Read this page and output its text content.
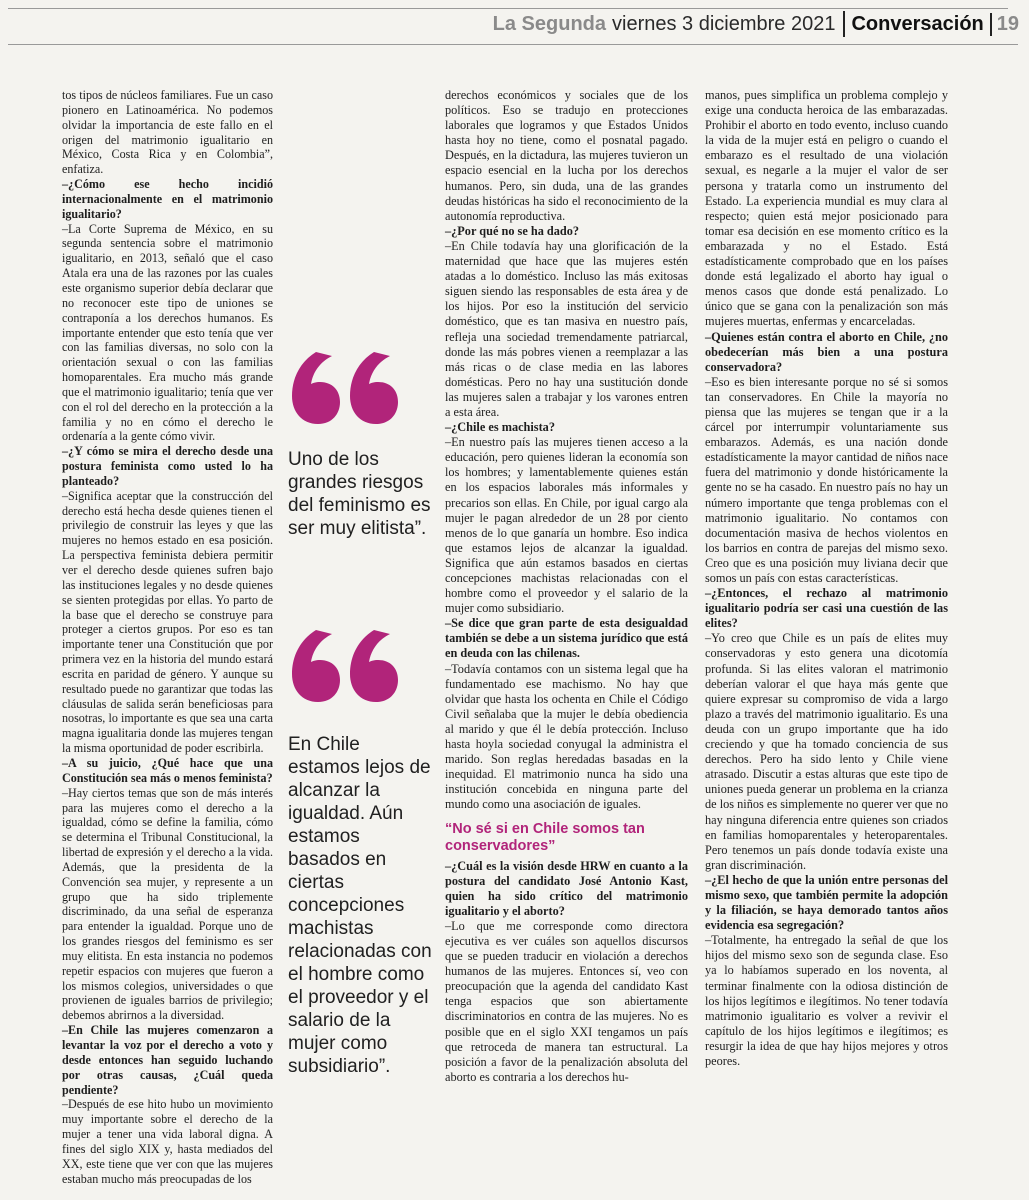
La Segunda viernes 3 diciembre 2021 Conversación 19

tos tipos de núcleos familiares. Fue un caso pionero en Latinoamérica. No podemos olvidar la importancia de este fallo en el origen del matrimonio igualitario en México, Costa Rica y en Colombia”, enfatiza.

–¿Cómo ese hecho incidió internacionalmente en el matrimonio igualitario?

–La Corte Suprema de México, en su segunda sentencia sobre el matrimonio igualitario, en 2013, señaló que el caso Atala era una de las razones por las cuales este organismo superior debía declarar que no reconocer este tipo de uniones se contraponía a los derechos humanos. Es importante entender que esto tenía que ver con las familias diversas, no solo con la orientación sexual o con las familias homoparentales. Era mucho más grande que el matrimonio igualitario; tenía que ver con el rol del derecho en la protección a la familia y no en cómo el derecho le ordenaría a la gente cómo vivir.

–¿Y cómo se mira el derecho desde una postura feminista como usted lo ha planteado?

–Significa aceptar que la construcción del derecho está hecha desde quienes tienen el privilegio de construir las leyes y que las mujeres no hemos estado en esa posición. La perspectiva feminista debiera permitir ver el derecho desde quienes sufren bajo las instituciones legales y no desde quienes se sienten protegidas por ellas. Yo parto de la base que el derecho se construye para proteger a ciertos grupos. Por eso es tan importante tener una Constitución que por primera vez en la historia del mundo estará escrita en paridad de género. Y aunque su resultado puede no garantizar que todas las cláusulas de salida serán beneficiosas para nosotras, lo importante es que sea una carta magna igualitaria donde las mujeres tengan la misma oportunidad de poder escribirla.

–A su juicio, ¿Qué hace que una Constitución sea más o menos feminista?

–Hay ciertos temas que son de más interés para las mujeres como el derecho a la igualdad, cómo se define la familia, cómo se determina el Tribunal Constitucional, la libertad de expresión y el derecho a la vida. Además, que la presidenta de la Convención sea mujer, y represente a un grupo que ha sido triplemente discriminado, da una señal de esperanza para entender la igualdad. Porque uno de los grandes riesgos del feminismo es ser muy elitista. En esta instancia no podemos repetir espacios con mujeres que fueron a los mismos colegios, universidades o que provienen de iguales barrios de privilegio; debemos abrirnos a la diversidad.

–En Chile las mujeres comenzaron a levantar la voz por el derecho a voto y desde entonces han seguido luchando por otras causas, ¿Cuál queda pendiente?

–Después de ese hito hubo un movimiento muy importante sobre el derecho de la mujer a tener una vida laboral digna. A fines del siglo XIX y, hasta mediados del XX, este tiene que ver con que las mujeres estaban mucho más preocupadas de los

Uno de los grandes riesgos del feminismo es ser muy elitista”.
En Chile estamos lejos de alcanzar la igualdad. Aún estamos basados en ciertas concepciones machistas relacionadas con el hombre como el proveedor y el salario de la mujer como subsidiario”.

derechos económicos y sociales que de los políticos. Eso se tradujo en protecciones laborales que logramos y que Estados Unidos hasta hoy no tiene, como el posnatal pagado. Después, en la dictadura, las mujeres tuvieron un espacio esencial en la lucha por los derechos humanos. Pero, sin duda, una de las grandes deudas históricas ha sido el reconocimiento de la autonomía reproductiva.

–¿Por qué no se ha dado?

–En Chile todavía hay una glorificación de la maternidad que hace que las mujeres estén atadas a lo doméstico. Incluso las más exitosas siguen siendo las responsables de esta área y de los hijos. Por eso la institución del servicio doméstico, que es tan masiva en nuestro país, refleja una sociedad tremendamente patriarcal, donde las más pobres vienen a reemplazar a las más ricas o de clase media en las labores domésticas. Pero no hay una sustitución donde las mujeres salen a trabajar y los varones entren a esta área.

–¿Chile es machista?

–En nuestro país las mujeres tienen acceso a la educación, pero quienes lideran la economía son los hombres; y lamentablemente quienes están en los espacios laborales más informales y precarios son ellas. En Chile, por igual cargo ala mujer le pagan alrededor de un 28 por ciento menos de lo que ganaría un hombre. Eso indica que estamos lejos de alcanzar la igualdad. Significa que aún estamos basados en ciertas concepciones machistas relacionadas con el hombre como el proveedor y el salario de la mujer como subsidiario.

–Se dice que gran parte de esta desigualdad también se debe a un sistema jurídico que está en deuda con las chilenas.

–Todavía contamos con un sistema legal que ha fundamentado ese machismo. No hay que olvidar que hasta los ochenta en Chile el Código Civil señalaba que la mujer le debía obediencia al marido y que él le debía protección. Incluso hasta hoyla sociedad conyugal la administra el marido. Son reglas heredadas basadas en la inequidad. El matrimonio nunca ha sido una institución concebida en ninguna parte del mundo como una asociación de iguales.

“No sé si en Chile somos tan conservadores”

–¿Cuál es la visión desde HRW en cuanto a la postura del candidato José Antonio Kast, quien ha sido crítico del matrimonio igualitario y el aborto?

–Lo que me corresponde como directora ejecutiva es ver cuáles son aquellos discursos que se pueden traducir en violación a derechos humanos de las mujeres. Entonces sí, veo con preocupación que la agenda del candidato Kast tenga espacios que son abiertamente discriminatorios en contra de las mujeres. No es posible que en el siglo XXI tengamos un país que retroceda de manera tan estructural. La posición a favor de la penalización absoluta del aborto es contraria a los derechos hu-

manos, pues simplifica un problema complejo y exige una conducta heroica de las embarazadas. Prohibir el aborto en todo evento, incluso cuando la vida de la mujer está en peligro o cuando el embarazo es el resultado de una violación sexual, es negarle a la mujer el valor de ser persona y tratarla como un instrumento del Estado. La experiencia mundial es muy clara al respecto; quien está mejor posicionado para tomar esa decisión en ese momento crítico es la embarazada y no el Estado. Está estadísticamente comprobado que en los países donde está legalizado el aborto hay igual o menos casos que donde está penalizado. Lo único que se gana con la penalización son más mujeres muertas, enfermas y encarceladas.

–Quienes están contra el aborto en Chile, ¿no obedecerían más bien a una postura conservadora?

–Eso es bien interesante porque no sé si somos tan conservadores. En Chile la mayoría no piensa que las mujeres se tengan que ir a la cárcel por interrumpir voluntariamente sus embarazos. Además, es una nación donde estadísticamente la mayor cantidad de niños nace fuera del matrimonio y donde históricamente la gente no se ha casado. En nuestro país no hay un número importante que tenga problemas con el matrimonio igualitario. No contamos con documentación masiva de hechos violentos en los barrios en contra de parejas del mismo sexo. Creo que es una posición muy liviana decir que somos un país con estas características.

–¿Entonces, el rechazo al matrimonio igualitario podría ser casi una cuestión de las elites?

–Yo creo que Chile es un país de elites muy conservadoras y esto genera una dicotomía profunda. Si las elites valoran el matrimonio deberían valorar el que haya más gente que quiere expresar su compromiso de vida a largo plazo a través del matrimonio igualitario. Es una deuda con un grupo importante que ha ido creciendo y que ha tomado conciencia de sus derechos. Pero ha sido lento y Chile viene atrasado. Discutir a estas alturas que este tipo de uniones pueda generar un problema en la crianza de los niños es simplemente no querer ver que no hay ninguna diferencia entre quienes son criados en familias homoparentales y heteroparentales. Pero tenemos un país donde todavía existe una gran discriminación.

–¿El hecho de que la unión entre personas del mismo sexo, que también permite la adopción y la filiación, se haya demorado tantos años evidencia esa segregación?

–Totalmente, ha entregado la señal de que los hijos del mismo sexo son de segunda clase. Eso ya lo habíamos superado en los noventa, al terminar finalmente con la odiosa distinción de los hijos legítimos e ilegítimos. No tener todavía matrimonio igualitario es volver a revivir el capítulo de los hijos legítimos e ilegítimos; es resurgir la idea de que hay hijos mejores y otros peores.
